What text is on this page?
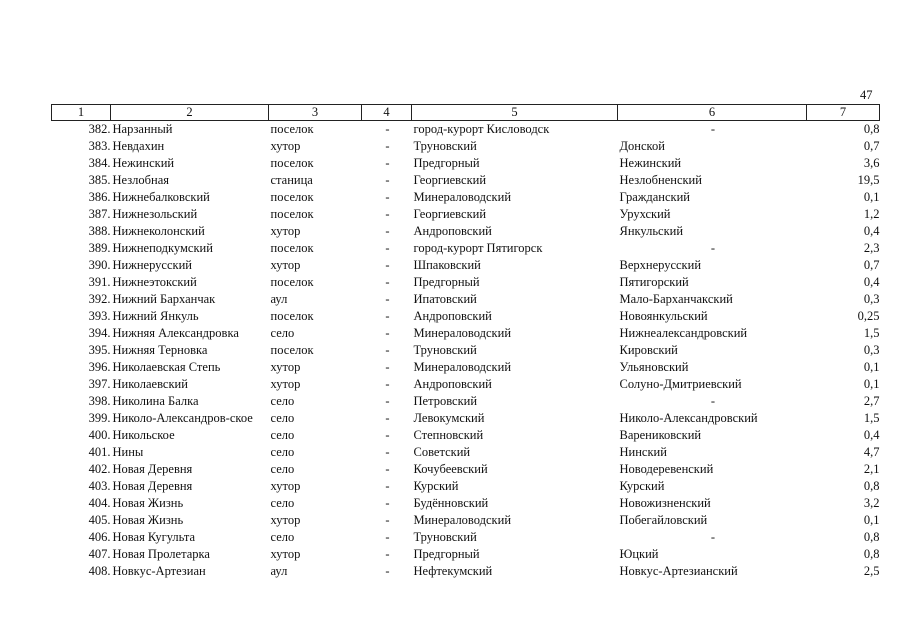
47
1	2	3	4	5	6	7
382.	Нарзанный	поселок	-	город-курорт Кисловодск	-	0,8
383.	Невдахин	хутор	-	Труновский	Донской	0,7
384.	Нежинский	поселок	-	Предгорный	Нежинский	3,6
385.	Незлобная	станица	-	Георгиевский	Незлобненский	19,5
386.	Нижнебалковский	поселок	-	Минераловодский	Гражданский	0,1
387.	Нижнезольский	поселок	-	Георгиевский	Урухский	1,2
388.	Нижнеколонский	хутор	-	Андроповский	Янкульский	0,4
389.	Нижнеподкумский	поселок	-	город-курорт Пятигорск	-	2,3
390.	Нижнерусский	хутор	-	Шпаковский	Верхнерусский	0,7
391.	Нижнеэтокский	поселок	-	Предгорный	Пятигорский	0,4
392.	Нижний Барханчак	аул	-	Ипатовский	Мало-Барханчакский	0,3
393.	Нижний Янкуль	поселок	-	Андроповский	Новоянкульский	0,25
394.	Нижняя Александровка	село	-	Минераловодский	Нижнеалександровский	1,5
395.	Нижняя Терновка	поселок	-	Труновский	Кировский	0,3
396.	Николаевская Степь	хутор	-	Минераловодский	Ульяновский	0,1
397.	Николаевский	хутор	-	Андроповский	Солуно-Дмитриевский	0,1
398.	Николина Балка	село	-	Петровский	-	2,7
399.	Николо-Александров-ское	село	-	Левокумский	Николо-Александровский	1,5
400.	Никольское	село	-	Степновский	Варениковский	0,4
401.	Нины	село	-	Советский	Нинский	4,7
402.	Новая Деревня	село	-	Кочубеевский	Новодеревенский	2,1
403.	Новая Деревня	хутор	-	Курский	Курский	0,8
404.	Новая Жизнь	село	-	Будённовский	Новожизненский	3,2
405.	Новая Жизнь	хутор	-	Минераловодский	Побегайловский	0,1
406.	Новая Кугульта	село	-	Труновский	-	0,8
407.	Новая Пролетарка	хутор	-	Предгорный	Юцкий	0,8
408.	Новкус-Артезиан	аул	-	Нефтекумский	Новкус-Артезианский	2,5
